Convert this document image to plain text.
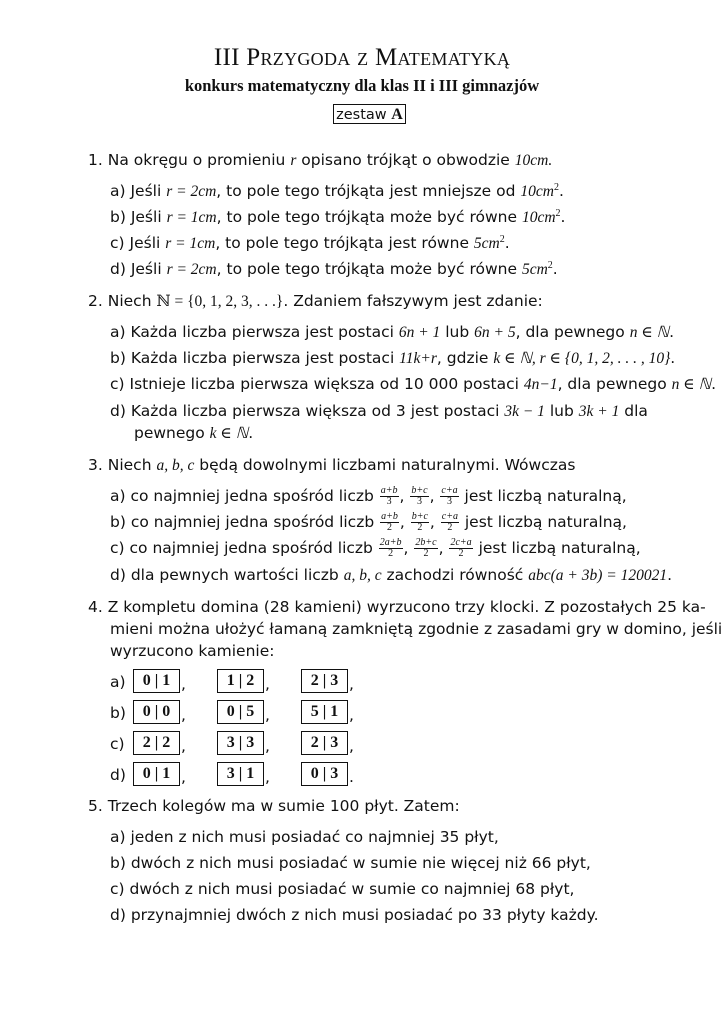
III Przygoda z Matematyką
konkurs matematyczny dla klas II i III gimnazjów
zestaw A
1. Na okręgu o promieniu r opisano trójkąt o obwodzie 10cm.
a) Jeśli r = 2cm, to pole tego trójkąta jest mniejsze od $10cm^2$.
b) Jeśli r = 1cm, to pole tego trójkąta może być równe $10cm^2$.
c) Jeśli r = 1cm, to pole tego trójkąta jest równe $5cm^2$.
d) Jeśli r = 2cm, to pole tego trójkąta może być równe $5cm^2$.
2. Niech ℕ = {0, 1, 2, 3, . . .}. Zdaniem fałszywym jest zdanie:
a) Każda liczba pierwsza jest postaci 6n + 1 lub 6n + 5, dla pewnego n ∈ ℕ.
b) Każda liczba pierwsza jest postaci 11k+r, gdzie k ∈ ℕ, r ∈ {0, 1, 2, . . . , 10}.
c) Istnieje liczba pierwsza większa od 10 000 postaci 4n−1, dla pewnego n ∈ ℕ.
d) Każda liczba pierwsza większa od 3 jest postaci 3k − 1 lub 3k + 1 dla
pewnego k ∈ ℕ.
3. Niech a, b, c będą dowolnymi liczbami naturalnymi. Wówczas
a) co najmniej jedna spośród liczb $\frac{a+b}{3}$ , $\frac{b+c}{3}$ , $\frac{c+a}{3}$ jest liczbą naturalną,
b) co najmniej jedna spośród liczb $\frac{a+b}{2}$ , $\frac{b+c}{2}$ , $\frac{c+a}{2}$ jest liczbą naturalną,
c) co najmniej jedna spośród liczb $\frac{2a+b}{2}$ , $\frac{2b+c}{2}$ , $\frac{2c+a}{2}$ jest liczbą naturalną,
d) dla pewnych wartości liczb a, b, c zachodzi równość abc(a + 3b) = 120021.
4. Z kompletu domina (28 kamieni) wyrzucono trzy klocki. Z pozostałych 25 ka-
mieni można ułożyć łamaną zamkniętą zgodnie z zasadami gry w domino, jeśli
wyrzucono kamienie:
a)	0 | 1 ,	1 | 2 ,	2 | 3 ,
b)	0 | 0 ,	0 | 5 ,	5 | 1 ,
c)	2 | 2 ,	3 | 3 ,	2 | 3 ,
d)	0 | 1 ,	3 | 1 ,	0 | 3 .
5. Trzech kolegów ma w sumie 100 płyt. Zatem:
a) jeden z nich musi posiadać co najmniej 35 płyt,
b) dwóch z nich musi posiadać w sumie nie więcej niż 66 płyt,
c) dwóch z nich musi posiadać w sumie co najmniej 68 płyt,
d) przynajmniej dwóch z nich musi posiadać po 33 płyty każdy.
